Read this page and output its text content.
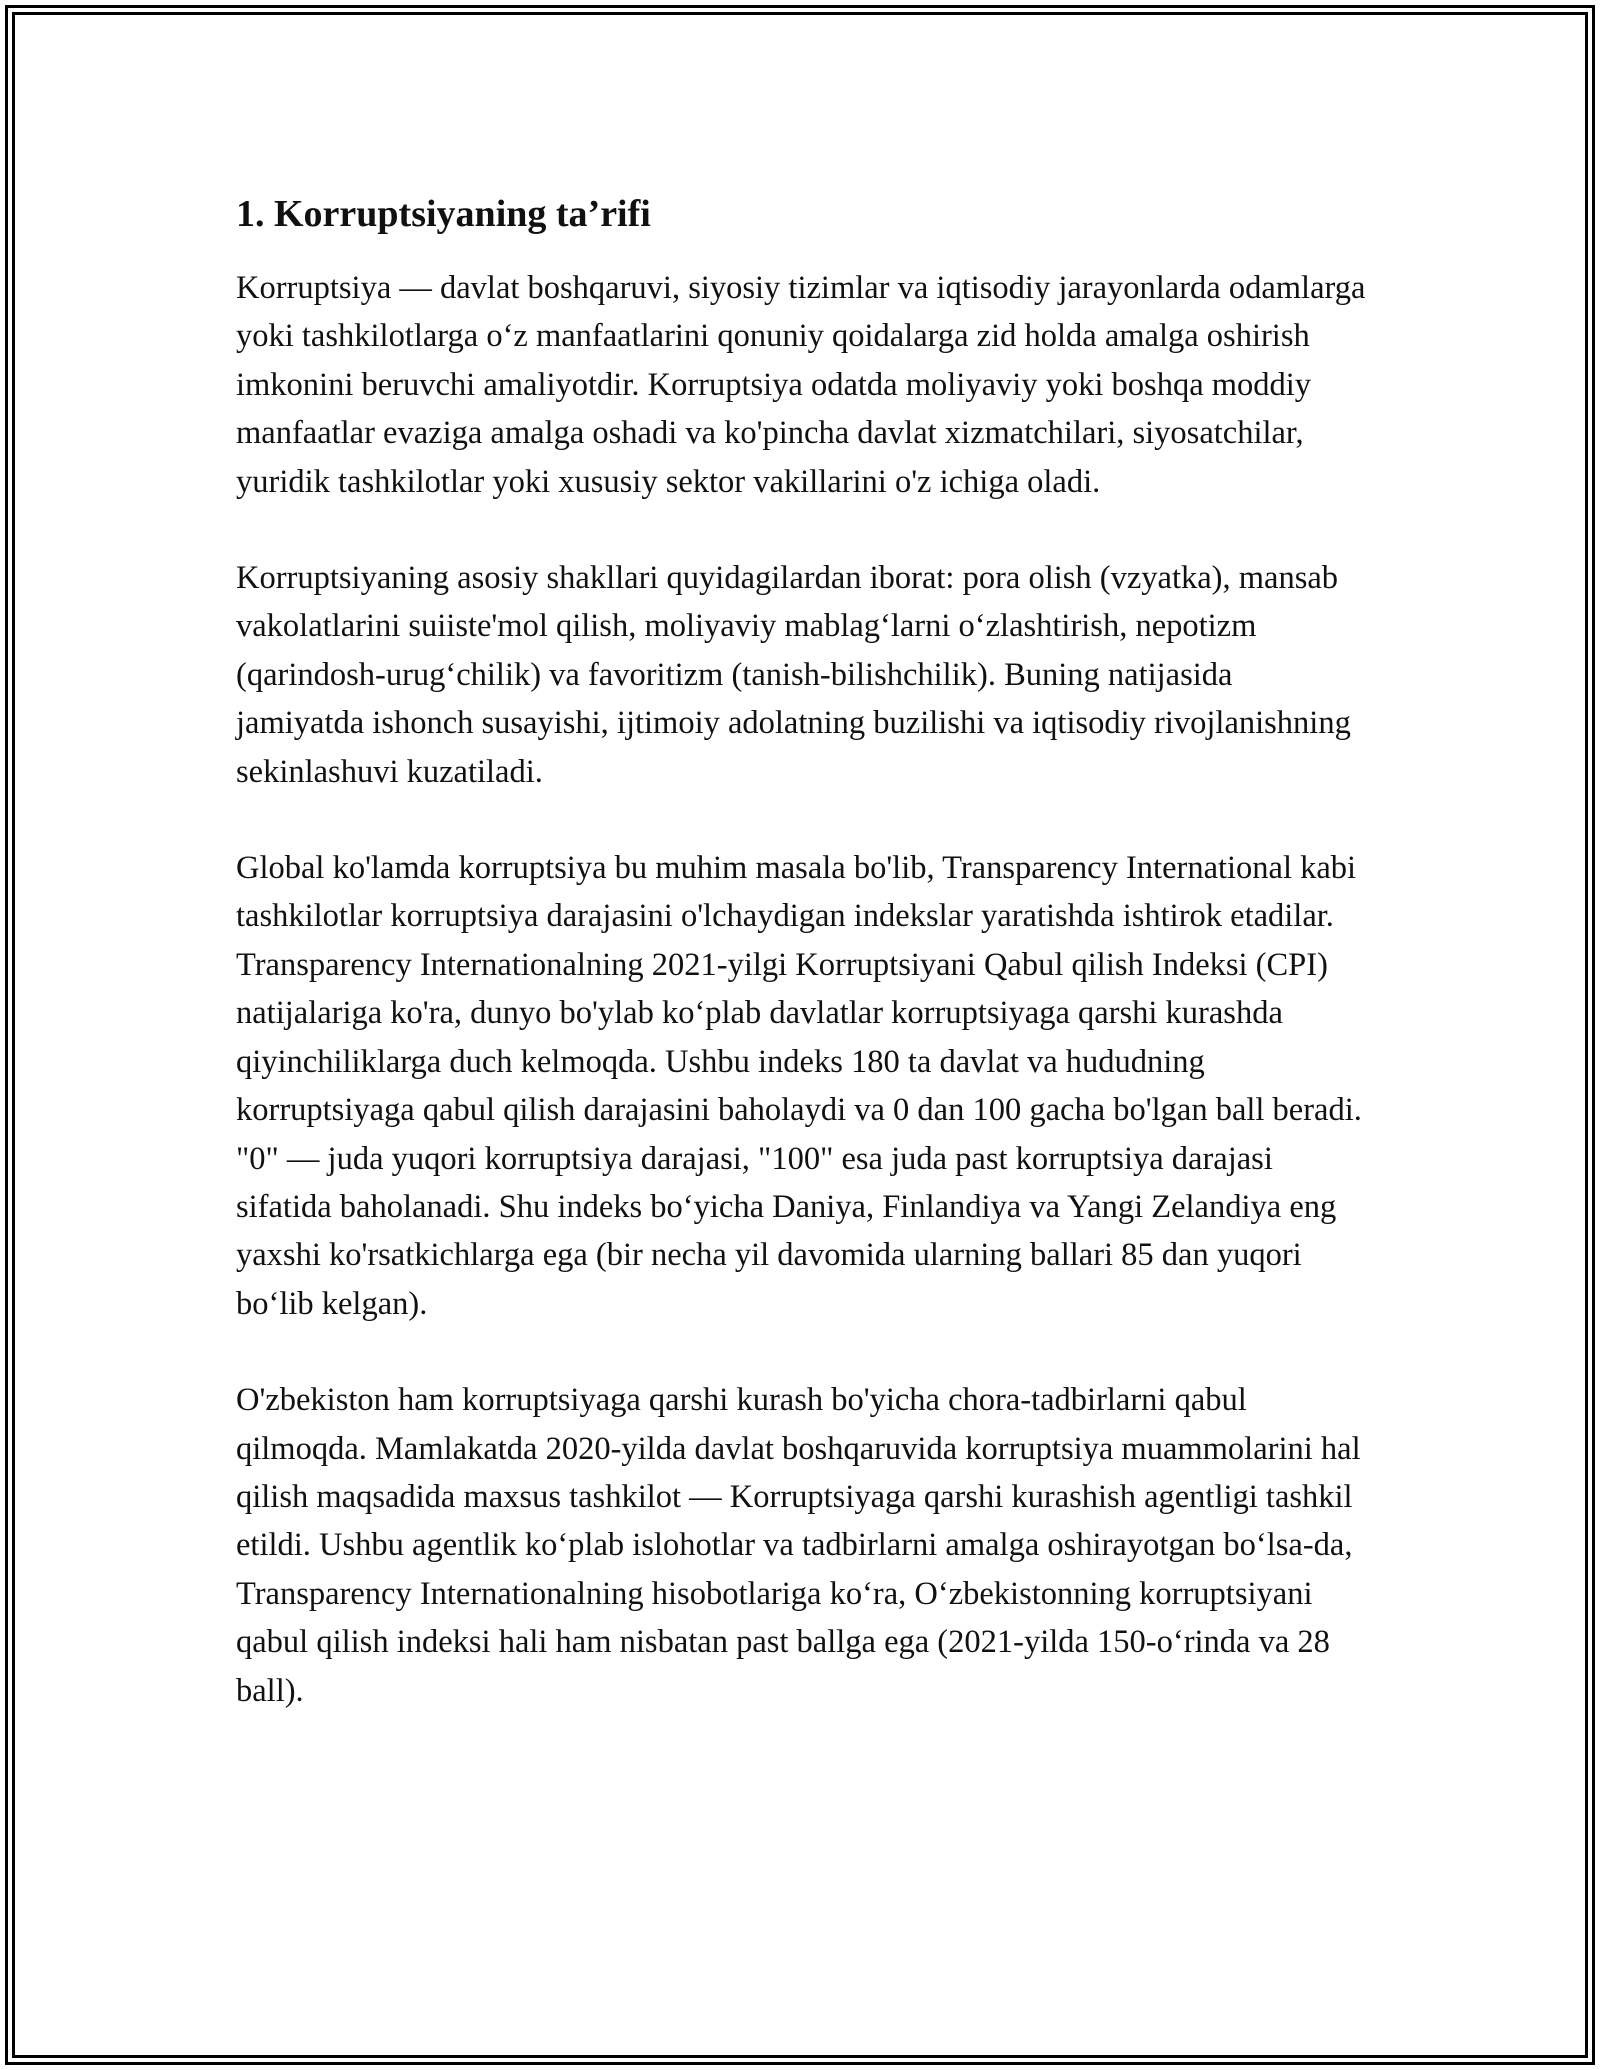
1. Korruptsiyaning ta’rifi

Korruptsiya — davlat boshqaruvi, siyosiy tizimlar va iqtisodiy jarayonlarda odamlarga yoki tashkilotlarga o‘z manfaatlarini qonuniy qoidalarga zid holda amalga oshirish imkonini beruvchi amaliyotdir. Korruptsiya odatda moliyaviy yoki boshqa moddiy manfaatlar evaziga amalga oshadi va ko'pincha davlat xizmatchilari, siyosatchilar, yuridik tashkilotlar yoki xususiy sektor vakillarini o'z ichiga oladi.

Korruptsiyaning asosiy shakllari quyidagilardan iborat: pora olish (vzyatka), mansab vakolatlarini suiiste'mol qilish, moliyaviy mablag‘larni o‘zlashtirish, nepotizm (qarindosh-urug‘chilik) va favoritizm (tanish-bilishchilik). Buning natijasida jamiyatda ishonch susayishi, ijtimoiy adolatning buzilishi va iqtisodiy rivojlanishning sekinlashuvi kuzatiladi.

Global ko'lamda korruptsiya bu muhim masala bo'lib, Transparency International kabi tashkilotlar korruptsiya darajasini o'lchaydigan indekslar yaratishda ishtirok etadilar. Transparency Internationalning 2021-yilgi Korruptsiyani Qabul qilish Indeksi (CPI) natijalariga ko'ra, dunyo bo'ylab ko‘plab davlatlar korruptsiyaga qarshi kurashda qiyinchiliklarga duch kelmoqda. Ushbu indeks 180 ta davlat va hududning korruptsiyaga qabul qilish darajasini baholaydi va 0 dan 100 gacha bo'lgan ball beradi. "0" — juda yuqori korruptsiya darajasi, "100" esa juda past korruptsiya darajasi sifatida baholanadi. Shu indeks bo‘yicha Daniya, Finlandiya va Yangi Zelandiya eng yaxshi ko'rsatkichlarga ega (bir necha yil davomida ularning ballari 85 dan yuqori bo‘lib kelgan).

O'zbekiston ham korruptsiyaga qarshi kurash bo'yicha chora-tadbirlarni qabul qilmoqda. Mamlakatda 2020-yilda davlat boshqaruvida korruptsiya muammolarini hal qilish maqsadida maxsus tashkilot — Korruptsiyaga qarshi kurashish agentligi tashkil etildi. Ushbu agentlik ko‘plab islohotlar va tadbirlarni amalga oshirayotgan bo‘lsa-da, Transparency Internationalning hisobotlariga ko‘ra, O‘zbekistonning korruptsiyani qabul qilish indeksi hali ham nisbatan past ballga ega (2021-yilda 150-o‘rinda va 28 ball).
